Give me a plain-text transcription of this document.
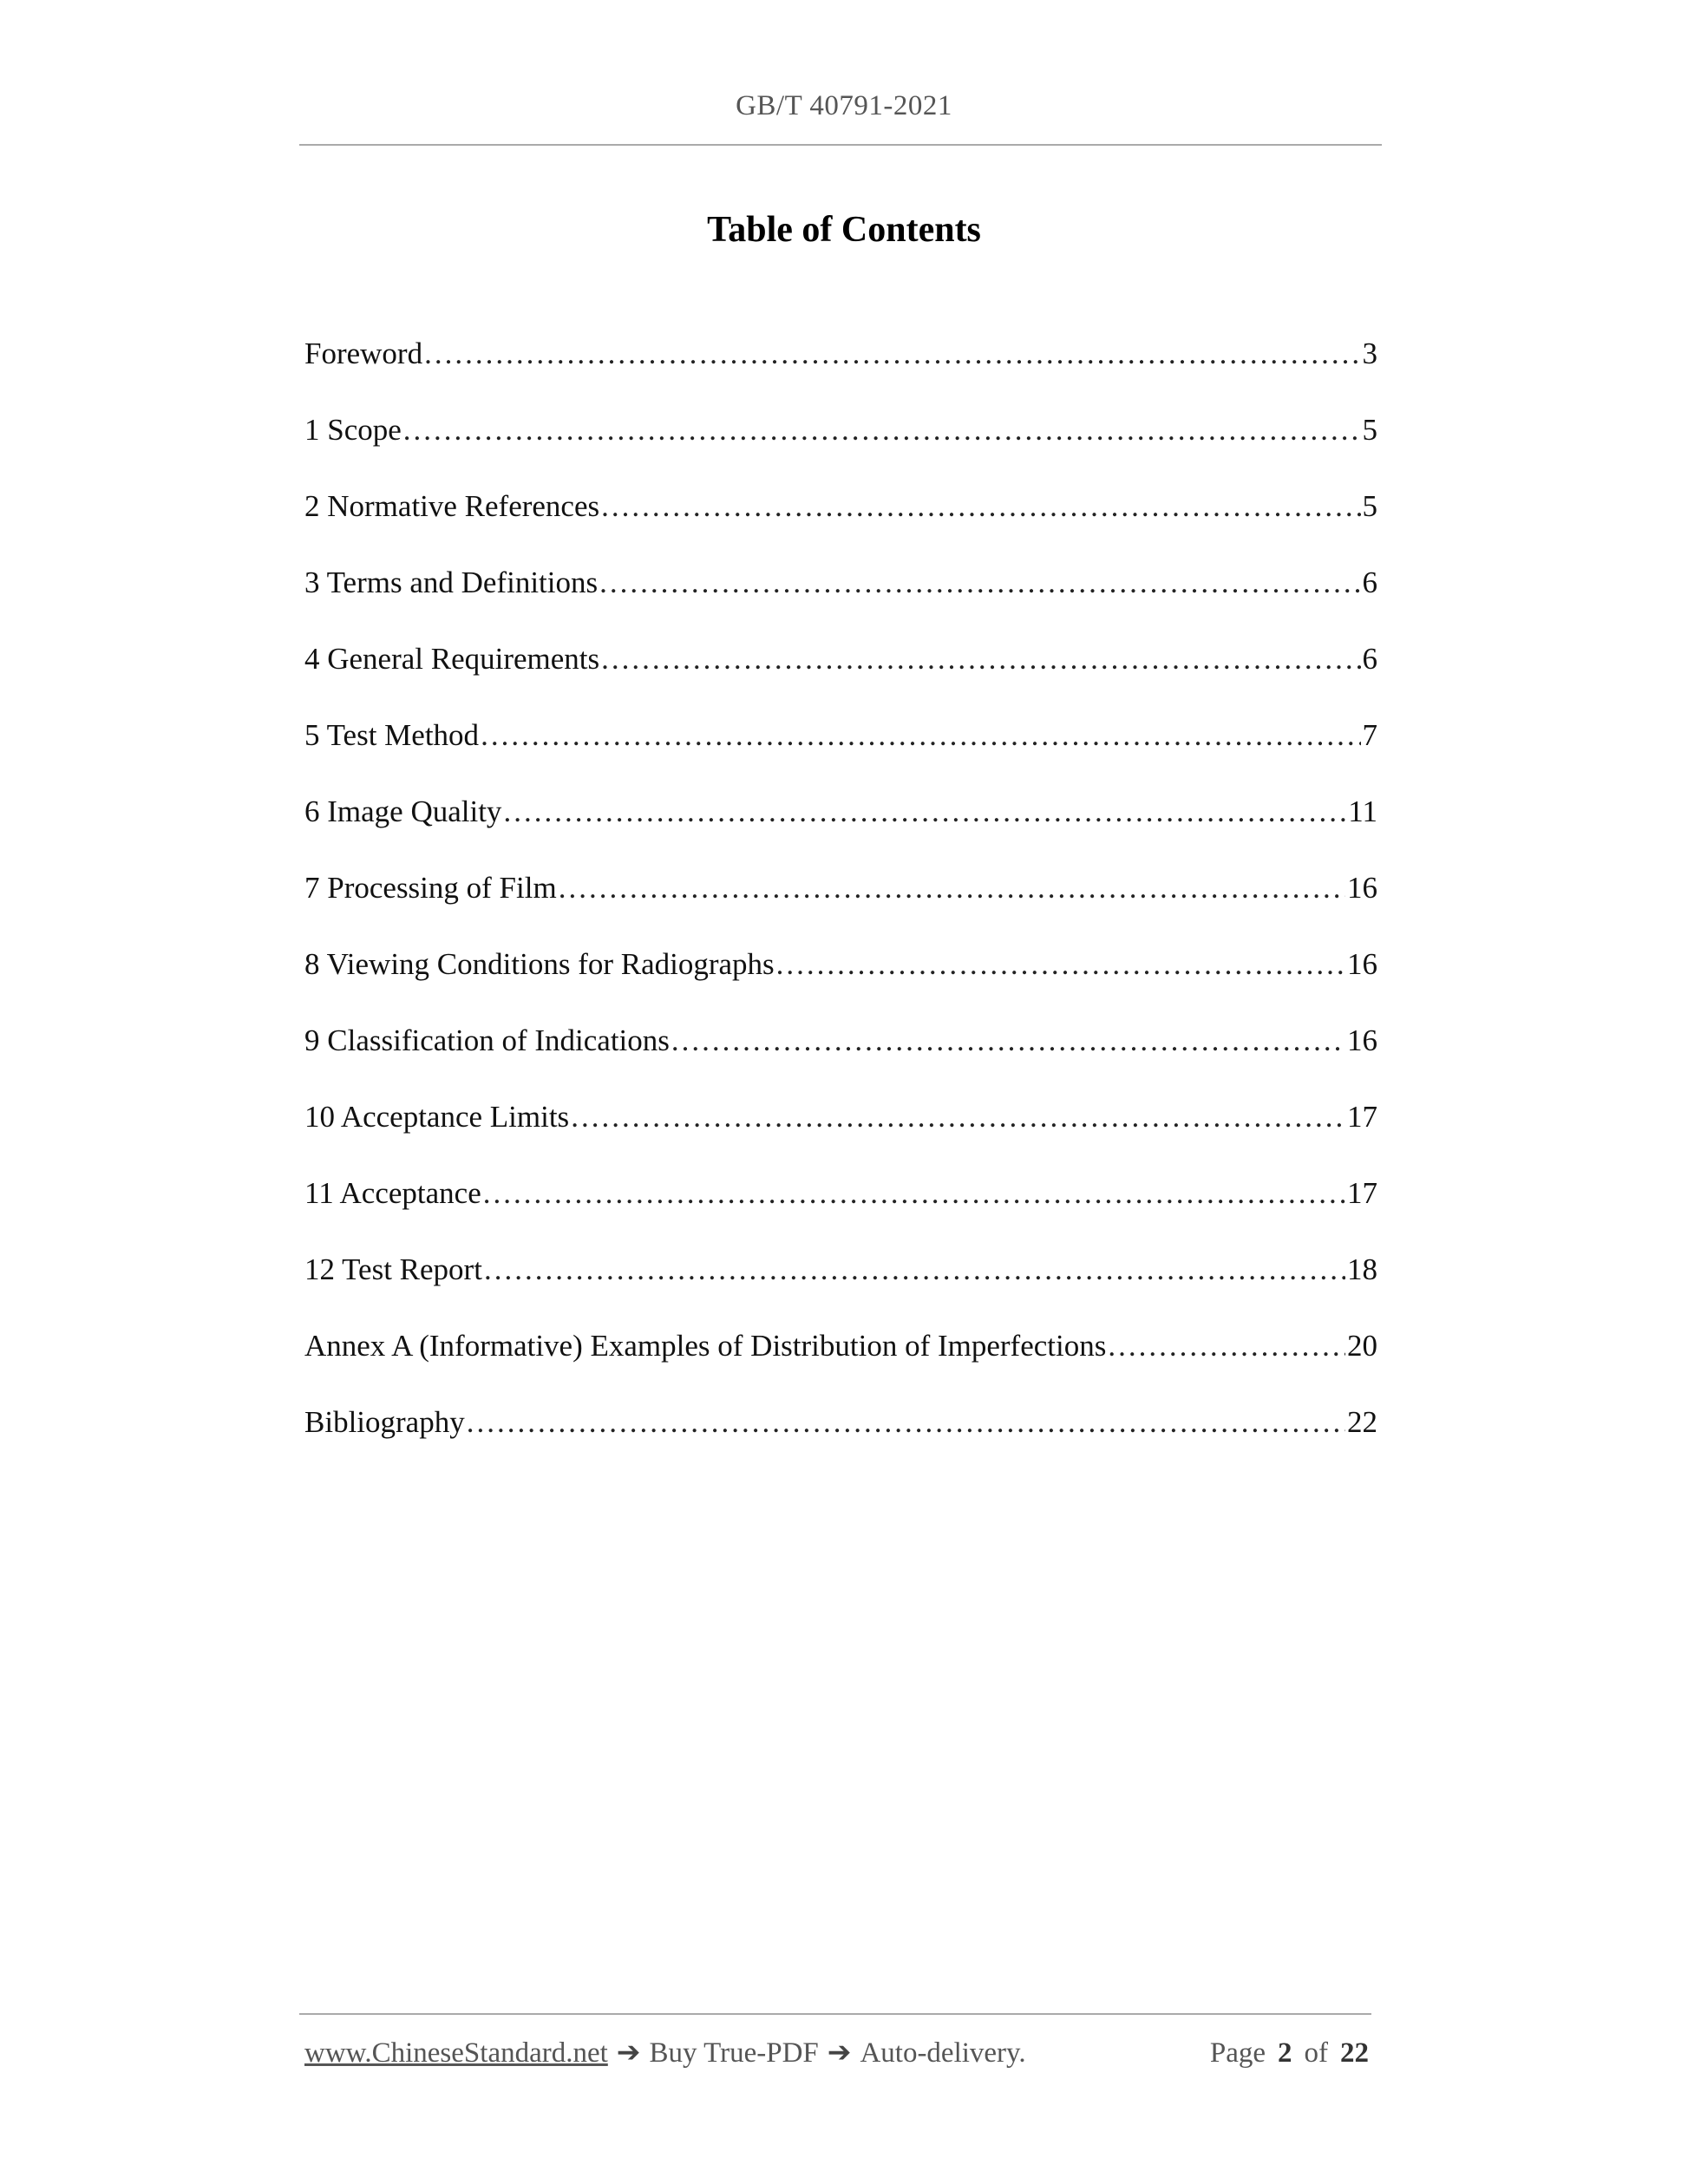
GB/T 40791-2021
Table of Contents
Foreword .....	3
1 Scope .....	5
2 Normative References .....	5
3 Terms and Definitions .....	6
4 General Requirements .....	6
5 Test Method .....	7
6 Image Quality .....	11
7 Processing of Film .....	16
8 Viewing Conditions for Radiographs .....	16
9 Classification of Indications .....	16
10 Acceptance Limits .....	17
11 Acceptance .....	17
12 Test Report .....	18
Annex A (Informative) Examples of Distribution of Imperfections .....	20
Bibliography .....	22
www.ChineseStandard.net ➔ Buy True-PDF ➔ Auto-delivery.	Page 2 of 22
